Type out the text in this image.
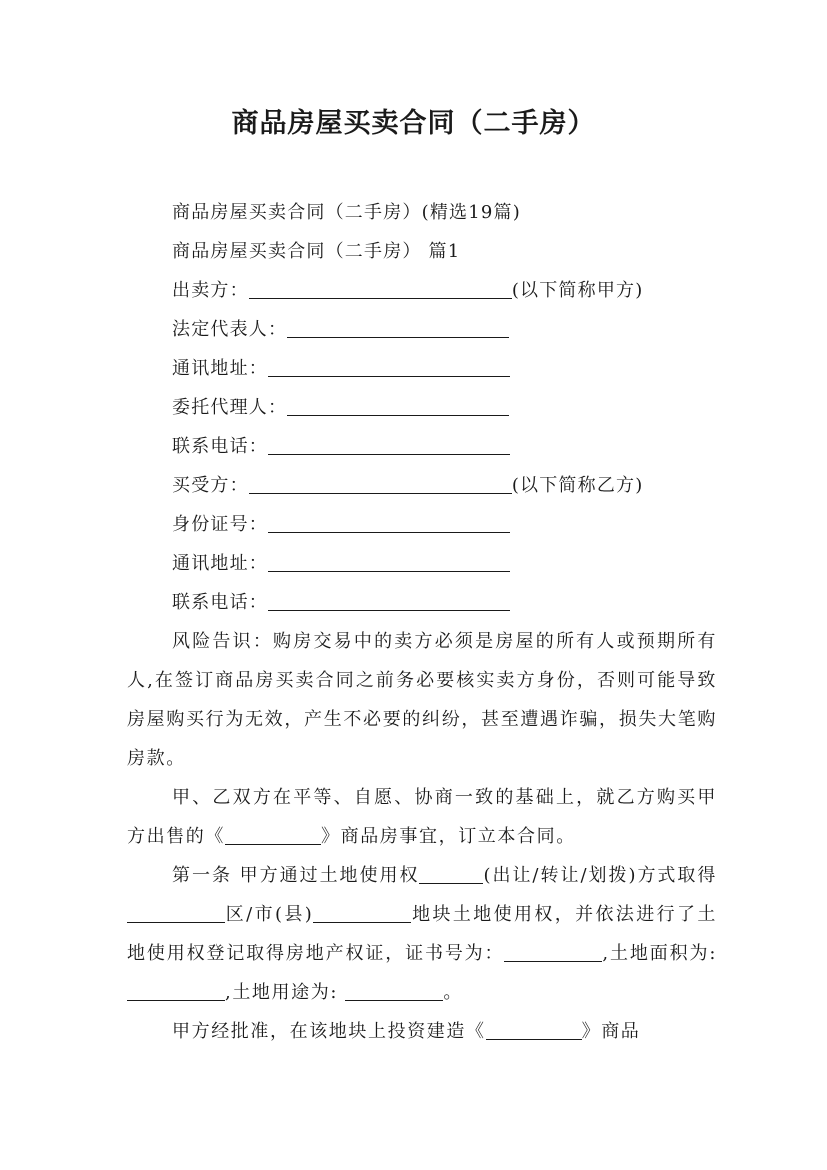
商品房屋买卖合同（二手房）
商品房屋买卖合同（二手房）(精选19篇)
商品房屋买卖合同（二手房） 篇1
出卖方：	(以下简称甲方)
法定代表人：
通讯地址：
委托代理人：
联系电话：
买受方：	(以下简称乙方)
身份证号：
通讯地址：
联系电话：
风险告识：购房交易中的卖方必须是房屋的所有人或预期所有人,在签订商品房买卖合同之前务必要核实卖方身份，否则可能导致房屋购买行为无效，产生不必要的纠纷，甚至遭遇诈骗，损失大笔购房款。
甲、乙双方在平等、自愿、协商一致的基础上，就乙方购买甲方出售的《	》商品房事宜，订立本合同。
第一条 甲方通过土地使用权	(出让/转让/划拨)方式取得区/市(县)	地块土地使用权，并依法进行了土地使用权登记取得房地产权证，证书号为：	,土地面积为: ,土地用途为:	。
甲方经批准，在该地块上投资建造《	》商品
